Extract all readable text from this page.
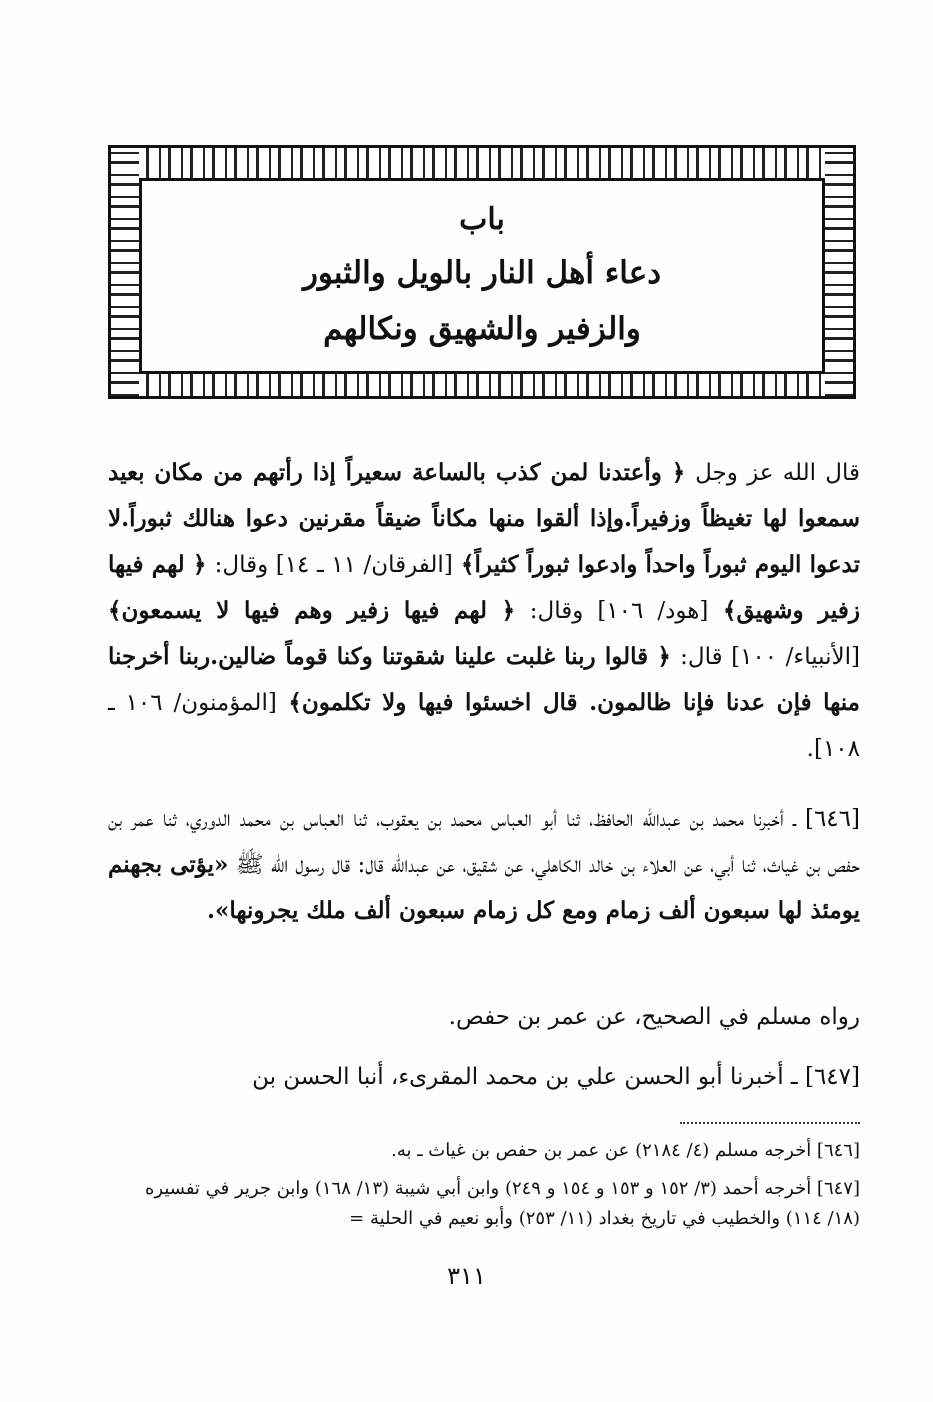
باب
دعاء أهل النار بالويل والثبور
والزفير والشهيق ونكالهم
قال الله عز وجل ﴿ وأعتدنا لمن كذب بالساعة سعيراً إذا رأتهم من مكان بعيد سمعوا لها تغيظاً وزفيراً.وإذا ألقوا منها مكاناً ضيقاً مقرنين دعوا هنالك ثبوراً.لا تدعوا اليوم ثبوراً واحداً وادعوا ثبوراً كثيراً﴾ [الفرقان/ ١١ ـ ١٤] وقال: ﴿ لهم فيها زفير وشهيق﴾ [هود/ ١٠٦] وقال: ﴿ لهم فيها زفير وهم فيها لا يسمعون﴾ [الأنبياء/ ١٠٠] قال: ﴿ قالوا ربنا غلبت علينا شقوتنا وكنا قوماً ضالين.ربنا أخرجنا منها فإن عدنا فإنا ظالمون. قال اخسئوا فيها ولا تكلمون﴾ [المؤمنون/ ١٠٦ ـ ١٠٨].
[٦٤٦] ـ أخبرنا محمد بن عبدالله الحافظ، ثنا أبو العباس محمد بن يعقوب، ثنا العباس بن محمد الدوري، ثنا عمر بن حفص بن غياث، ثنا أبي، عن العلاء بن خالد الكاهلي، عن شقيق، عن عبدالله قال: قال رسول الله ﷺ «يؤتى بجهنم يومئذ لها سبعون ألف زمام ومع كل زمام سبعون ألف ملك يجرونها».
رواه مسلم في الصحيح، عن عمر بن حفص.
[٦٤٧] ـ أخبرنا أبو الحسن علي بن محمد المقرىء، أنبا الحسن بن
[٦٤٦] أخرجه مسلم (٤/ ٢١٨٤) عن عمر بن حفص بن غياث ـ به.
[٦٤٧] أخرجه أحمد (٣/ ١٥٢ و ١٥٣ و ١٥٤ و ٢٤٩) وابن أبي شيبة (١٣/ ١٦٨) وابن جرير في تفسيره (١٨/ ١١٤) والخطيب في تاريخ بغداد (١١/ ٢٥٣) وأبو نعيم في الحلية =
٣١١
